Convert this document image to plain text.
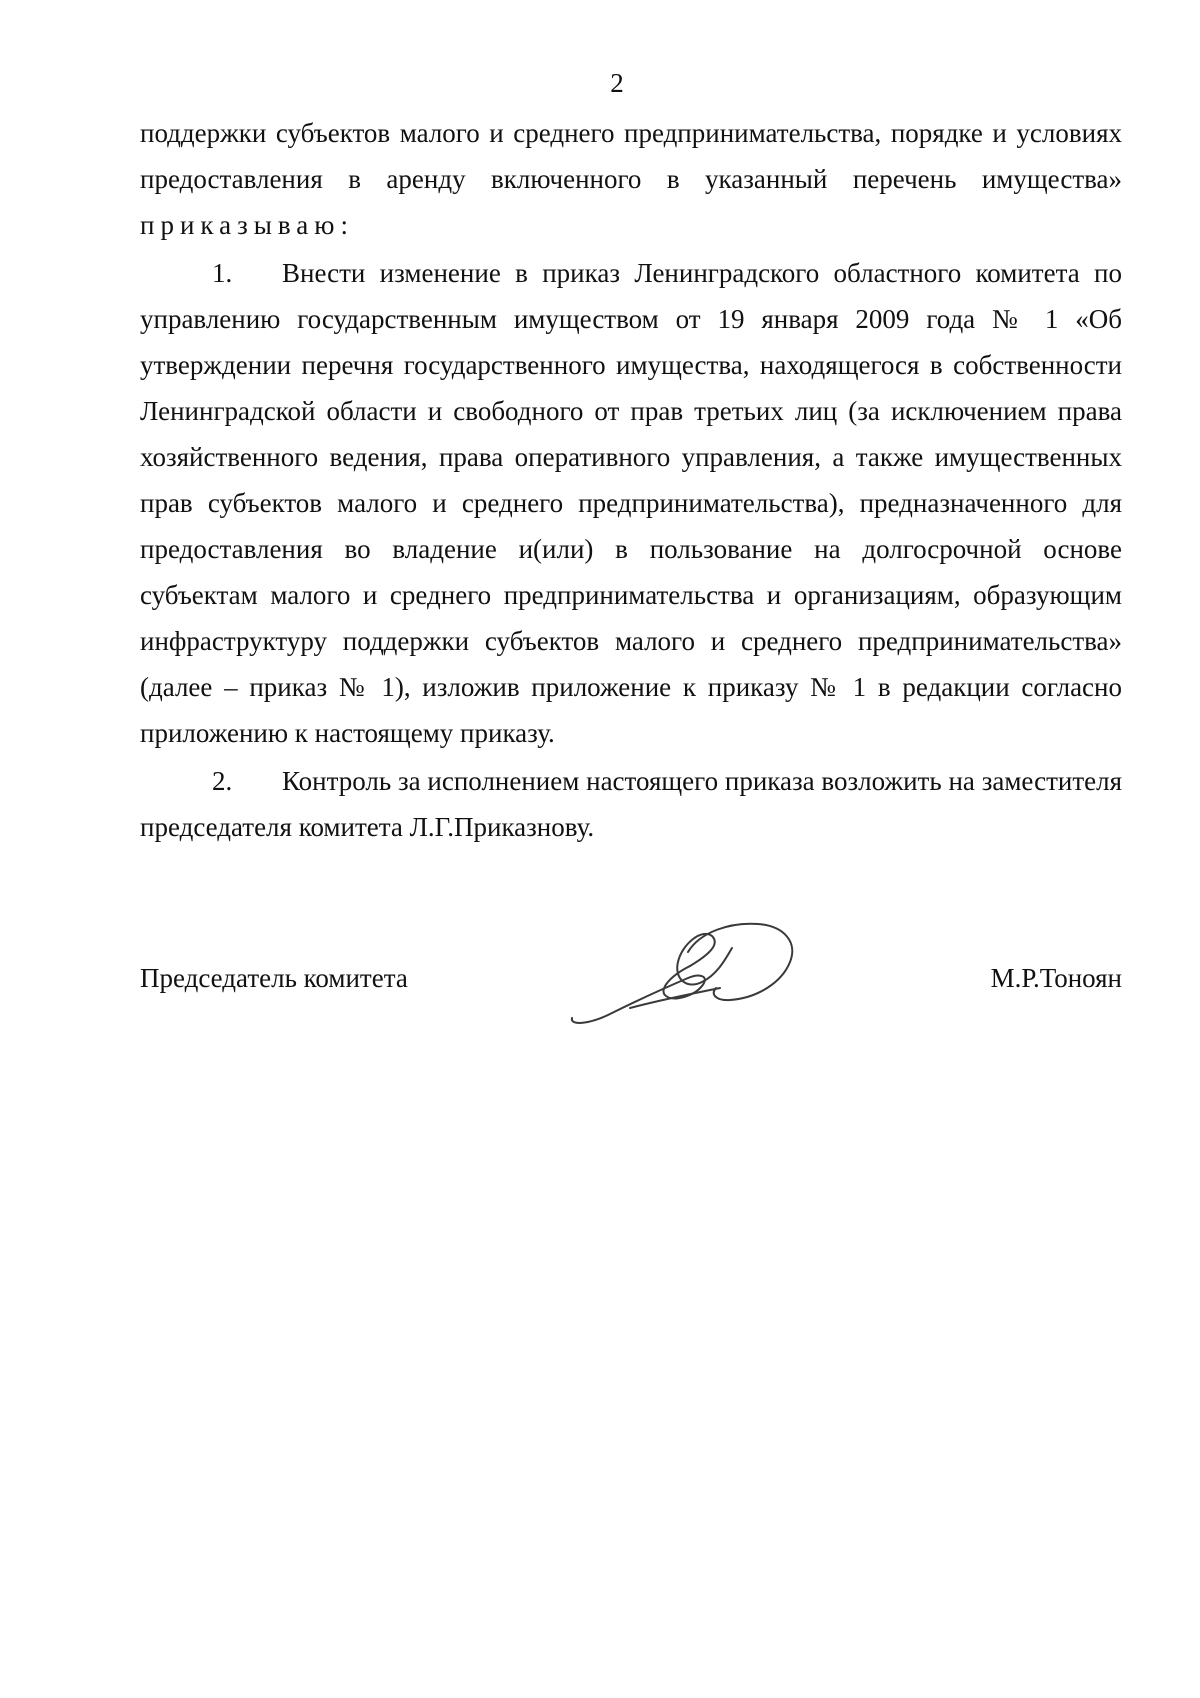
2

поддержки субъектов малого и среднего предпринимательства, порядке и условиях предоставления в аренду включенного в указанный перечень имущества» приказываю:

1. Внести изменение в приказ Ленинградского областного комитета по управлению государственным имуществом от 19 января 2009 года № 1 «Об утверждении перечня государственного имущества, находящегося в собственности Ленинградской области и свободного от прав третьих лиц (за исключением права хозяйственного ведения, права оперативного управления, а также имущественных прав субъектов малого и среднего предпринимательства), предназначенного для предоставления во владение и(или) в пользование на долгосрочной основе субъектам малого и среднего предпринимательства и организациям, образующим инфраструктуру поддержки субъектов малого и среднего предпринимательства» (далее – приказ № 1), изложив приложение к приказу № 1 в редакции согласно приложению к настоящему приказу.

2. Контроль за исполнением настоящего приказа возложить на заместителя председателя комитета Л.Г.Приказнову.

Председатель комитета	М.Р.Тоноян
